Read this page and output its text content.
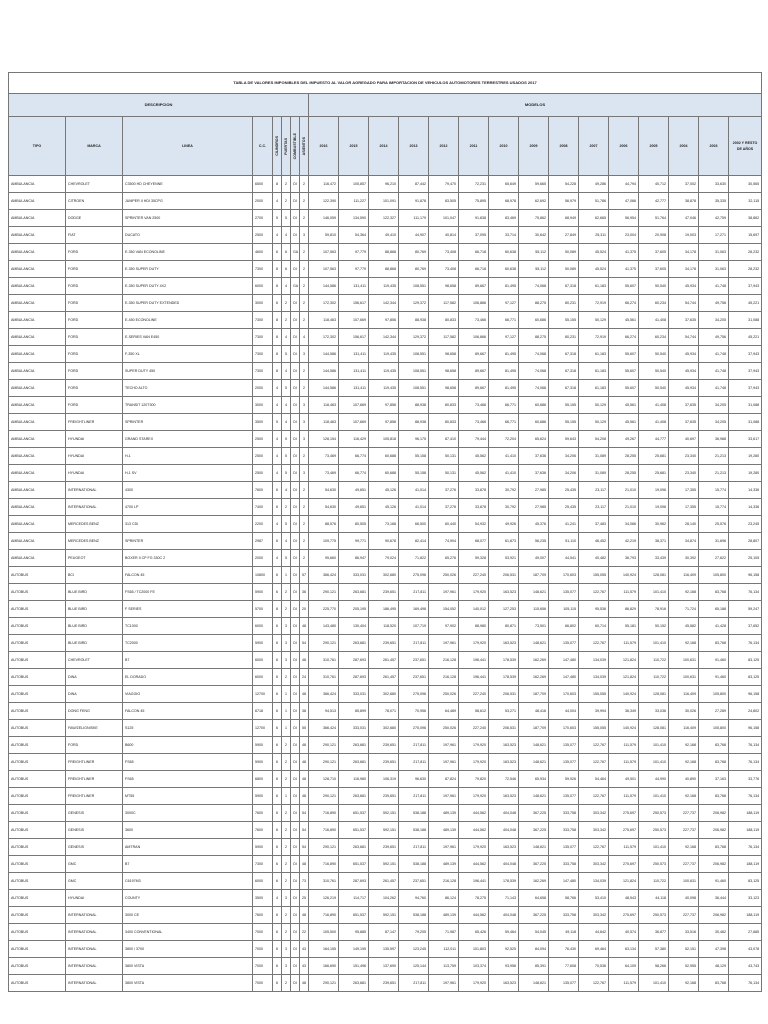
TABLA DE VALORES IMPONIBLES DEL IMPUESTO AL VALOR AGREGADO PARA IMPORTACION DE VEHICULOS AUTOMOTORES TERRESTRES USADOS 2017																						
DESCRIPCION								MODELOS														
TIPO	MARCA	LINEA	C.C.	CILINDROS	PUERTAS	COMBUSTIBLE	ASIENTOS	2016	2015	2014	2013	2012	2011	2010	2009	2008	2007	2006	2005	2004	2003	2002 Y RESTO DE AÑOS
AMBULANCIA	CHEVROLET	C3500 HD CHEYENNE	6500	8	2	DI	2	116,472	105,857	96,210	87,442	79,470	72,231	65,649	59,665	54,228	49,286	44,794	40,712	37,002	33,630	30,565
AMBULANCIA	CITROEN	JUMPER II HDI 35CPG	2000	4	2	DI	2	122,390	111,227	101,091	91,878	83,505	75,895	68,978	62,692	56,979	51,786	47,066	42,777	38,878	35,335	32,115
AMBULANCIA	DODGE	SPRINTER VAN 2500	2700	5	5	DI	2	146,059	134,590	122,327	111,179	101,047	91,838	83,469	75,862	68,949	62,665	56,954	51,764	47,046	42,759	38,862
AMBULANCIA	FIAT	DUCATO	2500	4	4	DI	3	59,810	54,364	49,410	44,907	40,814	37,095	33,714	30,642	27,849	25,311	23,004	20,908	19,003	17,271	15,697
AMBULANCIA	FORD	E-350 VAN ECONOLINE	4600	6	6	GA	2	107,563	97,779	88,868	80,769	73,408	66,718	60,638	55,112	50,089	45,524	41,375	37,605	34,178	31,063	28,232
AMBULANCIA	FORD	E-350 SUPER DUTY	7300	8	6	DI	2	107,563	97,779	88,868	80,769	73,408	66,718	60,638	55,112	50,089	45,524	41,375	37,605	34,178	31,063	28,232
AMBULANCIA	FORD	E-350 SUPER DUTY 4X2	6000	8	4	GA	2	144,586	131,411	119,435	108,551	98,658	89,667	81,495	74,068	67,318	61,183	55,607	50,540	45,934	41,748	37,943
AMBULANCIA	FORD	E-350 SUPER DUTY EXTENDED	3000	6	2	DI	2	172,302	156,617	142,344	129,372	117,582	106,866	97,127	88,275	80,231	72,919	66,274	60,234	54,744	49,756	45,221
AMBULANCIA	FORD	E-450 ECONOLINE	7300	8	2	DI	2	118,463	107,669	97,856	88,938	80,833	73,466	66,771	60,686	55,155	50,129	45,561	41,408	37,635	34,205	31,088
AMBULANCIA	FORD	E-SERIES VAN E450	7300	8	4	DI	4	172,302	156,617	142,344	129,372	117,582	106,866	97,127	88,275	80,231	72,919	66,274	60,234	54,744	49,756	45,221
AMBULANCIA	FORD	F-350 XL	7300	8	5	DI	3	144,586	131,411	119,435	108,551	98,658	89,667	81,495	74,068	67,318	61,183	55,607	50,540	45,934	41,748	37,943
AMBULANCIA	FORD	SUPER DUTY 450	7300	8	4	DI	2	144,586	131,411	119,435	108,551	98,658	89,667	81,495	74,068	67,318	61,183	55,607	50,540	45,934	41,748	37,943
AMBULANCIA	FORD	TECHO ALTO	2000	4	5	DI	2	144,586	131,411	119,435	108,551	98,658	89,667	81,495	74,068	67,318	61,183	55,607	50,540	45,934	41,748	37,943
AMBULANCIA	FORD	TRANSIT 120T300	3000	4	4	DI	3	118,463	107,669	97,856	88,938	80,833	73,466	66,771	60,686	55,155	50,129	45,561	41,408	37,635	34,205	31,088
AMBULANCIA	FREIGHTLINER	SPRINTER	3500	5	4	DI	3	118,463	107,669	97,856	88,938	80,833	73,466	66,771	60,686	55,155	50,129	45,561	41,408	37,635	34,205	31,088
AMBULANCIA	HYUNDAI	GRAND STAREX	2500	4	5	DI	3	128,154	116,429	105,818	96,175	87,410	79,444	72,204	65,624	59,643	54,208	49,267	44,777	40,697	36,988	33,617
AMBULANCIA	HYUNDAI	H-1	2500	4	5	DI	2	73,469	66,774	60,688	55,158	50,131	45,562	41,410	37,636	34,206	31,089	28,255	25,681	23,340	21,213	19,280
AMBULANCIA	HYUNDAI	H-1 SV	2500	4	5	DI	3	73,469	66,774	60,688	55,158	50,131	45,562	41,410	37,636	34,206	31,089	28,255	25,681	23,340	21,213	19,280
AMBULANCIA	INTERNATIONAL	4300	7600	6	4	DI	2	54,630	49,651	45,126	41,014	37,276	33,878	30,792	27,985	25,435	23,117	21,010	19,096	17,355	15,774	14,336
AMBULANCIA	INTERNATIONAL	4700 LP	7400	6	2	DI	2	54,630	49,651	45,126	41,014	37,276	33,878	30,792	27,985	25,435	23,117	21,010	19,096	17,355	15,774	14,336
AMBULANCIA	MERCEDES BENZ	313 CDI	2200	4	5	DI	2	88,576	80,505	73,168	66,500	60,440	54,932	49,926	45,376	41,241	37,483	34,066	30,962	28,140	25,576	23,245
AMBULANCIA	MERCEDES BENZ	SPRINTER	2987	6	4	DI	2	109,775	99,771	90,678	82,414	74,904	68,077	61,873	56,235	51,110	46,452	42,219	38,371	34,874	31,696	28,807
AMBULANCIA	PEUGEOT	BOXER II CP FG 330C 2	2000	4	5	DI	2	95,660	86,947	79,024	71,822	65,276	59,328	53,921	49,007	44,541	40,482	36,793	33,439	30,392	27,622	25,105
AUTOBUS	BCI	FALCON 45	10800	6	1	DI	57	366,424	333,031	302,680	275,096	250,026	227,240	206,531	187,709	170,603	155,055	140,924	128,081	116,409	105,800	96,158
AUTOBUS	BLUE BIRD	FS65 / TC2000 FE	5900	6	2	DI	36	290,121	263,681	239,651	217,811	197,961	179,920	163,523	148,621	135,077	122,767	111,579	101,410	92,168	83,768	76,134
AUTOBUS	BLUE BIRD	F SERIES	5700	8	2	DI	20	225,770	205,195	186,495	169,498	154,052	140,012	127,253	115,656	105,115	95,536	86,829	78,916	71,724	65,188	59,247
AUTOBUS	BLUE BIRD	TC1000	6000	6	3	DI	48	143,480	130,404	118,520	107,719	97,902	88,980	80,871	73,501	66,802	60,714	55,181	50,152	45,582	41,428	37,652
AUTOBUS	BLUE BIRD	TC2000	5900	6	3	DI	54	290,121	263,681	239,651	217,811	197,961	179,920	163,523	148,621	135,077	122,767	111,579	101,410	92,168	83,768	76,134
AUTOBUS	CHEVROLET	B7	6000	6	3	DI	48	310,761	287,693	261,457	237,651	216,128	196,441	178,539	162,269	147,480	134,039	121,824	110,722	100,631	91,460	83,125
AUTOBUS	DINA	EL DORADO	6000	6	2	DI	24	310,761	287,693	261,457	237,651	216,128	196,441	178,539	162,269	147,480	134,039	121,824	110,722	100,631	91,460	83,125
AUTOBUS	DINA	VIAGGIO	12700	6	1	DI	48	366,424	333,031	302,680	275,096	250,026	227,240	206,531	187,709	170,603	155,055	140,924	128,081	116,409	105,800	96,158
AUTOBUS	DONG FENG	FALCON 45	6718	6	1	DI	38	94,513	85,899	78,071	70,956	64,489	58,612	53,271	48,416	44,004	39,994	36,349	33,036	30,026	27,289	24,802
AUTOBUS	FAW/ZELIGNISKE	S125	12700	6	1	DI	55	366,424	333,031	302,680	275,096	250,026	227,240	206,531	187,709	170,603	155,055	140,924	128,081	116,409	105,800	96,158
AUTOBUS	FORD	B600	5900	6	2	DI	48	290,121	263,681	239,651	217,811	197,961	179,920	163,523	148,621	135,077	122,767	111,579	101,410	92,168	83,768	76,134
AUTOBUS	FREIGHTLINER	FS65	5900	6	2	DI	48	290,121	263,681	239,651	217,811	197,961	179,920	163,523	148,621	135,077	122,767	111,579	101,410	92,168	83,768	76,134
AUTOBUS	FREIGHTLINER	FS65	6800	6	2	DI	48	128,710	116,980	106,319	96,630	87,824	79,820	72,546	65,934	59,926	54,464	49,501	44,990	40,890	37,163	33,776
AUTOBUS	FREIGHTLINER	MT55	5900	6	1	DI	48	290,121	263,681	239,651	217,811	197,961	179,920	163,523	148,621	135,077	122,767	111,579	101,410	92,168	83,768	76,134
AUTOBUS	GENESIS	3000C	7600	6	2	DI	54	716,890	651,537	592,151	538,188	489,139	444,562	404,048	367,225	333,758	303,342	275,697	250,573	227,737	206,982	188,119
AUTOBUS	GENESIS	3600	7600	6	2	DI	54	716,890	651,537	592,151	538,188	489,139	444,562	404,048	367,225	333,758	303,342	275,697	250,573	227,737	206,982	188,119
AUTOBUS	GENESIS	AMTRAN	5900	6	2	DI	54	290,121	263,681	239,651	217,811	197,961	179,920	163,523	148,621	135,077	122,767	111,579	101,410	92,168	83,768	76,134
AUTOBUS	GMC	B7	7300	6	2	DI	48	716,890	651,537	592,151	538,188	489,139	444,562	404,048	367,225	333,758	303,342	275,697	250,573	227,737	206,982	188,119
AUTOBUS	GMC	C6197M3	6000	6	2	DI	73	310,761	287,693	261,457	237,651	216,128	196,441	178,539	162,269	147,480	134,039	121,824	110,722	100,631	91,460	83,125
AUTOBUS	HYUNDAI	COUNTY	3500	4	3	DI	25	126,219	114,717	104,262	94,760	86,124	78,275	71,143	64,658	58,766	53,410	48,543	44,118	40,098	36,444	33,123
AUTOBUS	INTERNATIONAL	3000 CE	7600	6	2	DI	48	716,890	651,537	592,151	538,188	489,139	444,562	404,048	367,225	333,758	303,342	275,697	250,573	227,737	206,982	188,119
AUTOBUS	INTERNATIONAL	3400 CONVENTIONAL	7000	6	2	DI	22	105,500	95,885	87,147	79,205	71,987	65,426	59,464	54,045	49,118	44,642	40,574	36,877	33,516	30,462	27,685
AUTOBUS	INTERNATIONAL	3800 / 3700	7000	6	3	DI	43	164,155	149,195	135,597	123,245	112,011	101,803	92,525	84,094	76,430	69,464	63,134	57,380	52,151	47,398	43,078
AUTOBUS	INTERNATIONAL	3800 VISTA	7000	6	3	DI	43	166,690	151,496	137,690	125,144	113,759	103,374	93,956	85,391	77,608	70,536	64,109	58,266	52,955	48,129	43,743
AUTOBUS	INTERNATIONAL	3800 VISTA	7000	6	2	DI	48	290,121	263,681	239,651	217,811	197,961	179,920	163,523	148,621	135,077	122,767	111,579	101,410	92,168	83,768	76,134
